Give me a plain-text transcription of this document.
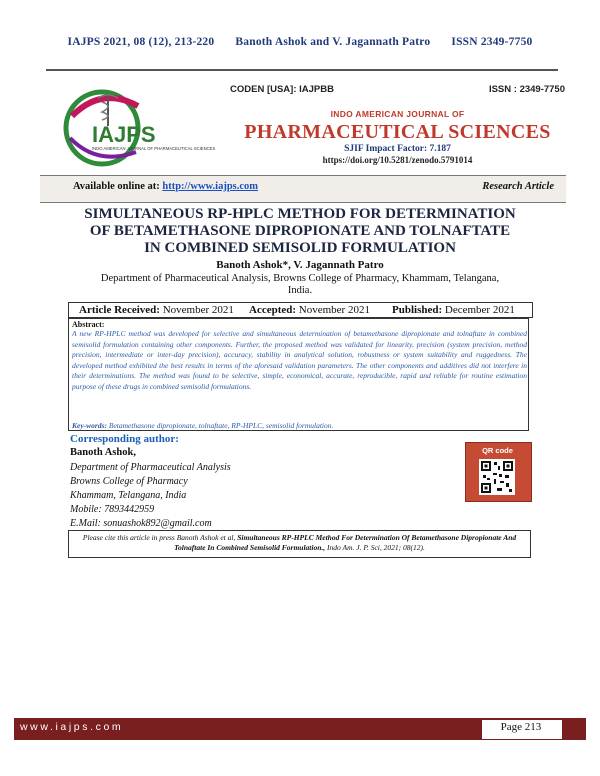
IAJPS 2021, 08 (12), 213-220 Banoth Ashok and V. Jagannath Patro ISSN 2349-7750
IAJPS
INDO AMERICAN JOURNAL OF PHARMACEUTICAL SCIENCES
CODEN [USA]: IAJPBB	ISSN : 2349-7750
INDO AMERICAN JOURNAL OF
PHARMACEUTICAL SCIENCES
SJIF Impact Factor: 7.187
https://doi.org/10.5281/zenodo.5791014
Available online at: http://www.iajps.com	Research Article
SIMULTANEOUS RP-HPLC METHOD FOR DETERMINATION
OF BETAMETHASONE DIPROPIONATE AND TOLNAFTATE
IN COMBINED SEMISOLID FORMULATION
Banoth Ashok*, V. Jagannath Patro
Department of Pharmaceutical Analysis, Browns College of Pharmacy, Khammam, Telangana,
India.
Article Received: November 2021 Accepted: November 2021 Published: December 2021
Abstract:
A new RP-HPLC method was developed for selective and simultaneous determination of betamethasone dipropionate and tolnaftate in combined semisolid formulation containing other components. Further, the proposed method was validated for linearity, precision (system precision, method precision, intermediate or inter-day precision), accuracy, stability in analytical solution, robustness or system suitability and ruggedness. The developed method exhibited the best results in terms of the aforesaid validation parameters. The other components and additives did not interfere in their determinations. The method was found to be selective, simple, economical, accurate, reproducible, rapid and reliable for routine estimation purpose of these drugs in combined semisolid formulations.
Key-words: Betamethasone dipropionate, tolnaftate, RP-HPLC, semisolid formulation.
Corresponding author:
Banoth Ashok,
Department of Pharmaceutical Analysis
Browns College of Pharmacy
Khammam, Telangana, India
Mobile: 7893442959
E.Mail: sonuashok892@gmail.com
QR code
Please cite this article in press Banoth Ashok et al, Simultaneous RP-HPLC Method For Determination Of Betamethasone Dipropionate And Tolnaftate In Combined Semisolid Formulation., Indo Am. J. P. Sci, 2021; 08(12).
www.iajps.com	Page 213
